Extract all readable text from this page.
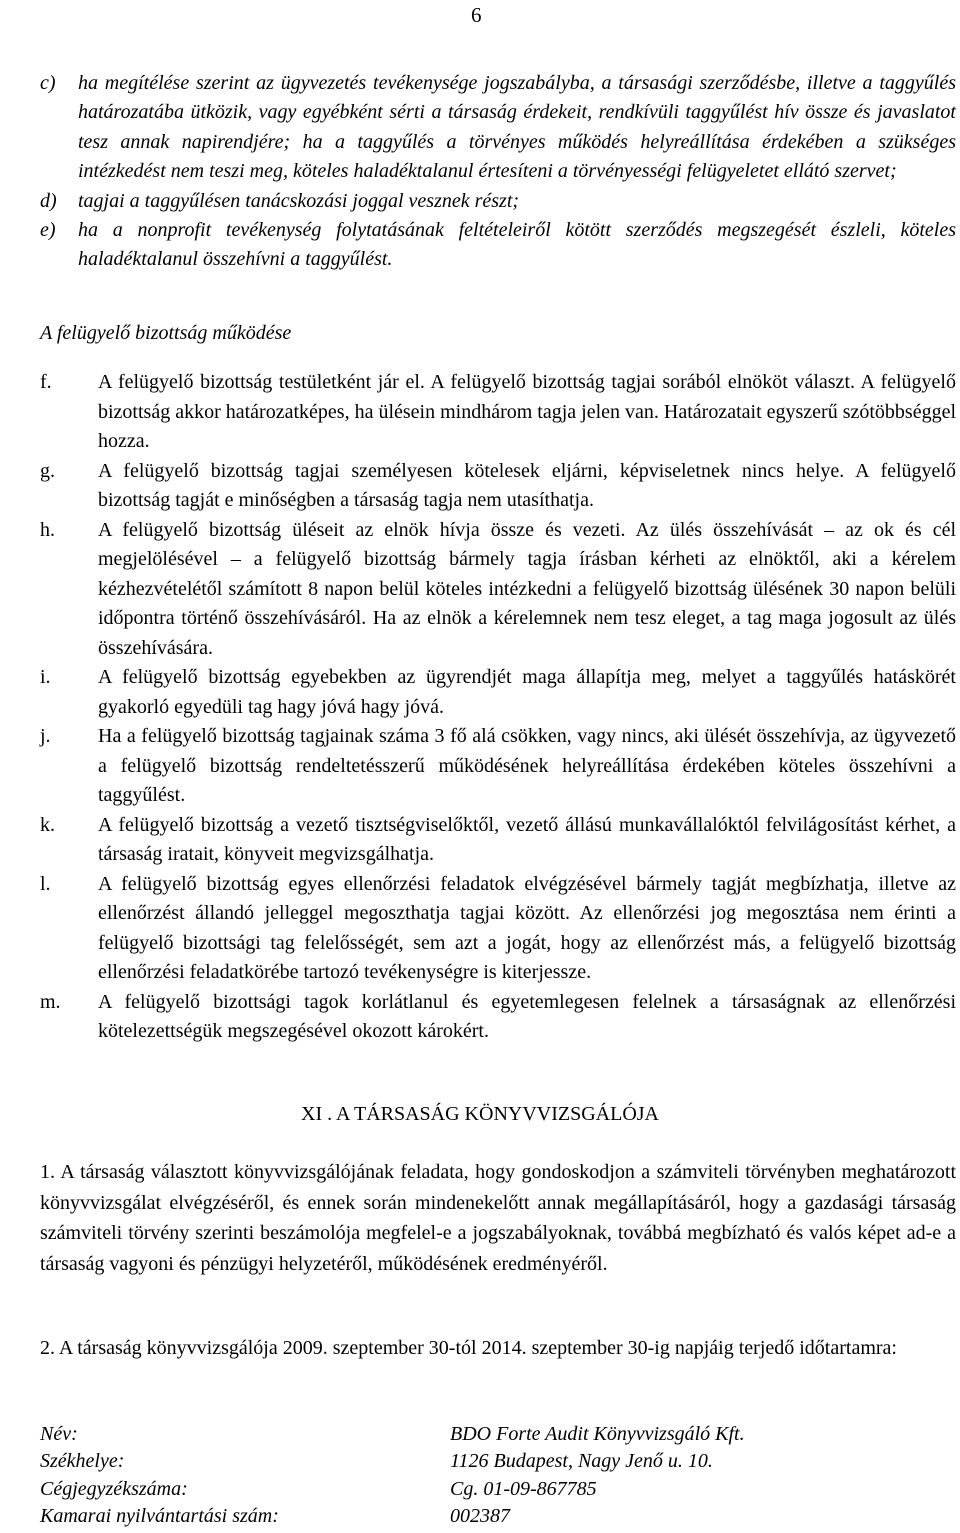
6
c)	ha megítélése szerint az ügyvezetés tevékenysége jogszabályba, a társasági szerződésbe, illetve a taggyűlés határozatába ütközik, vagy egyébként sérti a társaság érdekeit, rendkívüli taggyűlést hív össze és javaslatot tesz annak napirendjére; ha a taggyűlés a törvényes működés helyreállítása érdekében a szükséges intézkedést nem teszi meg, köteles haladéktalanul értesíteni a törvényességi felügyeletet ellátó szervet;
d)	tagjai a taggyűlésen tanácskozási joggal vesznek részt;
e)	ha a nonprofit tevékenység folytatásának feltételeiről kötött szerződés megszegését észleli, köteles haladéktalanul összehívni a taggyűlést.
A felügyelő bizottság működése
f.	A felügyelő bizottság testületként jár el. A felügyelő bizottság tagjai sorából elnököt választ. A felügyelő bizottság akkor határozatképes, ha ülésein mindhárom tagja jelen van. Határozatait egyszerű szótöbbséggel hozza.
g.	A felügyelő bizottság tagjai személyesen kötelesek eljárni, képviseletnek nincs helye. A felügyelő bizottság tagját e minőségben a társaság tagja nem utasíthatja.
h.	A felügyelő bizottság üléseit az elnök hívja össze és vezeti. Az ülés összehívását – az ok és cél megjelölésével – a felügyelő bizottság bármely tagja írásban kérheti az elnöktől, aki a kérelem kézhezvételétől számított 8 napon belül köteles intézkedni a felügyelő bizottság ülésének 30 napon belüli időpontra történő összehívásáról. Ha az elnök a kérelemnek nem tesz eleget, a tag maga jogosult az ülés összehívására.
i.	A felügyelő bizottság egyebekben az ügyrendjét maga állapítja meg, melyet a taggyűlés hatáskörét gyakorló egyedüli tag hagy jóvá hagy jóvá.
j.	Ha a felügyelő bizottság tagjainak száma 3 fő alá csökken, vagy nincs, aki ülését összehívja, az ügyvezető a felügyelő bizottság rendeltetésszerű működésének helyreállítása érdekében köteles összehívni a taggyűlést.
k.	A felügyelő bizottság a vezető tisztségviselőktől, vezető állású munkavállalóktól felvilágosítást kérhet, a társaság iratait, könyveit megvizsgálhatja.
l.	A felügyelő bizottság egyes ellenőrzési feladatok elvégzésével bármely tagját megbízhatja, illetve az ellenőrzést állandó jelleggel megoszthatja tagjai között. Az ellenőrzési jog megosztása nem érinti a felügyelő bizottsági tag felelősségét, sem azt a jogát, hogy az ellenőrzést más, a felügyelő bizottság ellenőrzési feladatkörébe tartozó tevékenységre is kiterjessze.
m.	A felügyelő bizottsági tagok korlátlanul és egyetemlegesen felelnek a társaságnak az ellenőrzési kötelezettségük megszegésével okozott károkért.
XI . A TÁRSASÁG KÖNYVVIZSGÁLÓJA
1. A társaság választott könyvvizsgálójának feladata, hogy gondoskodjon a számviteli törvényben meghatározott könyvvizsgálat elvégzéséről, és ennek során mindenekelőtt annak megállapításáról, hogy a gazdasági társaság számviteli törvény szerinti beszámolója megfelel-e a jogszabályoknak, továbbá megbízható és valós képet ad-e a társaság vagyoni és pénzügyi helyzetéről, működésének eredményéről.
2. A társaság könyvvizsgálója 2009. szeptember 30-tól 2014. szeptember 30-ig napjáig terjedő időtartamra:
Név:	BDO Forte Audit Könyvvizsgáló Kft.
Székhelye:	1126 Budapest, Nagy Jenő u. 10.
Cégjegyzékszáma:	Cg. 01-09-867785
Kamarai nyilvántartási szám:	002387
